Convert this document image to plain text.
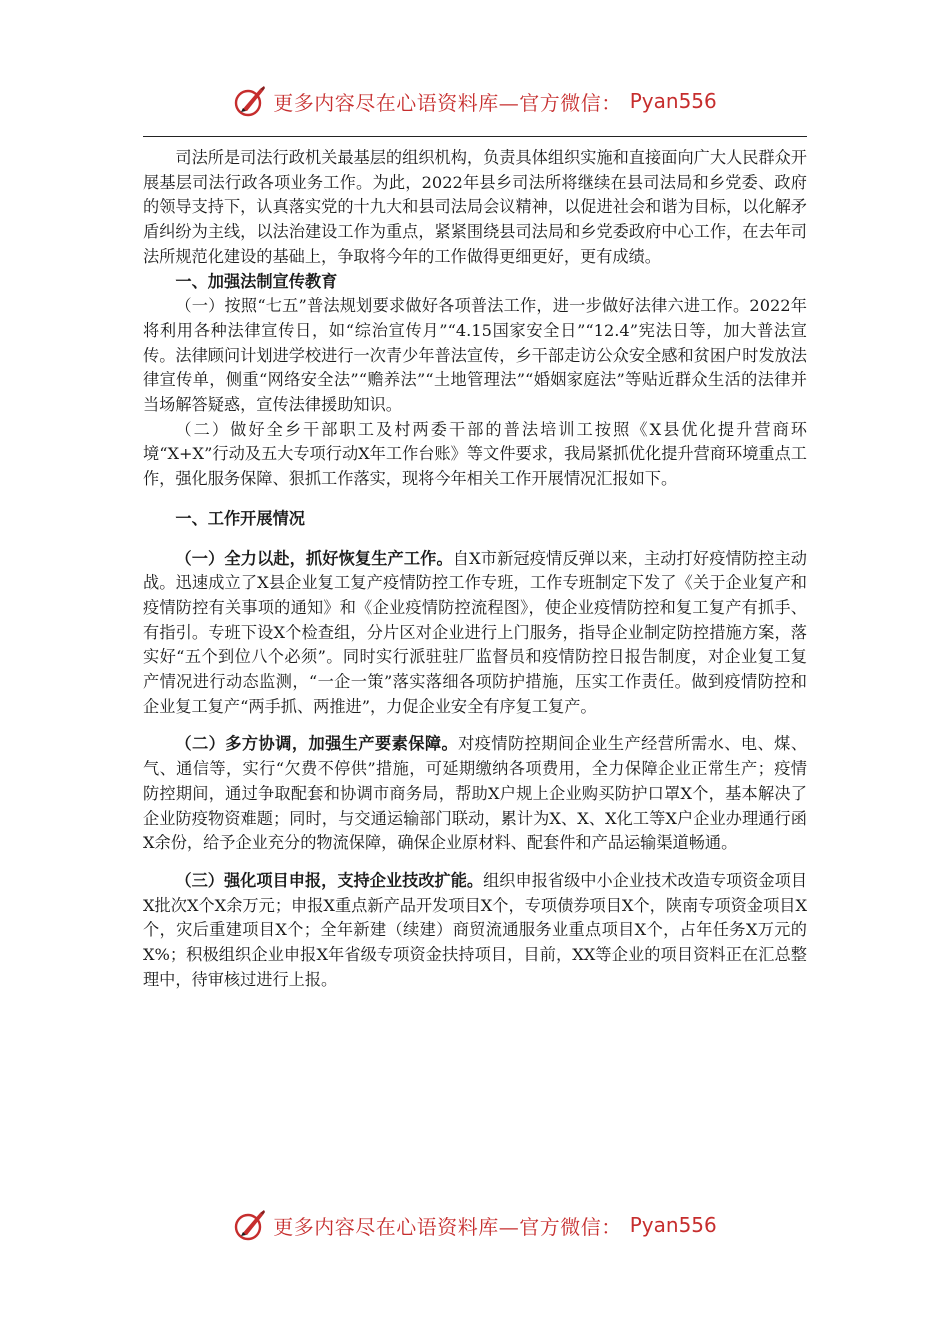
更多内容尽在心语资料库—官方微信： Pyan556

司法所是司法行政机关最基层的组织机构，负责具体组织实施和直接面向广大人民群众开展基层司法行政各项业务工作。为此，2022年县乡司法所将继续在县司法局和乡党委、政府的领导支持下，认真落实党的十九大和县司法局会议精神，以促进社会和谐为目标，以化解矛盾纠纷为主线，以法治建设工作为重点，紧紧围绕县司法局和乡党委政府中心工作，在去年司法所规范化建设的基础上，争取将今年的工作做得更细更好，更有成绩。

一、加强法制宣传教育

（一）按照“七五”普法规划要求做好各项普法工作，进一步做好法律六进工作。2022年将利用各种法律宣传日，如“综治宣传月”“4.15国家安全日”“12.4”宪法日等，加大普法宣传。法律顾问计划进学校进行一次青少年普法宣传，乡干部走访公众安全感和贫困户时发放法律宣传单，侧重“网络安全法”“赡养法”“土地管理法”“婚姻家庭法”等贴近群众生活的法律并当场解答疑惑，宣传法律援助知识。

（二）做好全乡干部职工及村两委干部的普法培训工按照《X县优化提升营商环境“X+X”行动及五大专项行动X年工作台账》等文件要求，我局紧抓优化提升营商环境重点工作，强化服务保障、狠抓工作落实，现将今年相关工作开展情况汇报如下。

一、工作开展情况

（一）全力以赴，抓好恢复生产工作。自X市新冠疫情反弹以来，主动打好疫情防控主动战。迅速成立了X县企业复工复产疫情防控工作专班，工作专班制定下发了《关于企业复产和疫情防控有关事项的通知》和《企业疫情防控流程图》，使企业疫情防控和复工复产有抓手、有指引。专班下设X个检查组，分片区对企业进行上门服务，指导企业制定防控措施方案，落实好“五个到位八个必须”。同时实行派驻驻厂监督员和疫情防控日报告制度，对企业复工复产情况进行动态监测，“一企一策”落实落细各项防护措施，压实工作责任。做到疫情防控和企业复工复产“两手抓、两推进”，力促企业安全有序复工复产。

（二）多方协调，加强生产要素保障。对疫情防控期间企业生产经营所需水、电、煤、气、通信等，实行“欠费不停供”措施，可延期缴纳各项费用，全力保障企业正常生产；疫情防控期间，通过争取配套和协调市商务局，帮助X户规上企业购买防护口罩X个，基本解决了企业防疫物资难题；同时，与交通运输部门联动，累计为X、X、X化工等X户企业办理通行函X余份，给予企业充分的物流保障，确保企业原材料、配套件和产品运输渠道畅通。

（三）强化项目申报，支持企业技改扩能。组织申报省级中小企业技术改造专项资金项目X批次X个X余万元；申报X重点新产品开发项目X个，专项债券项目X个，陕南专项资金项目X个，灾后重建项目X个；全年新建（续建）商贸流通服务业重点项目X个，占年任务X万元的X%；积极组织企业申报X年省级专项资金扶持项目，目前，XX等企业的项目资料正在汇总整理中，待审核过进行上报。

更多内容尽在心语资料库—官方微信： Pyan556
